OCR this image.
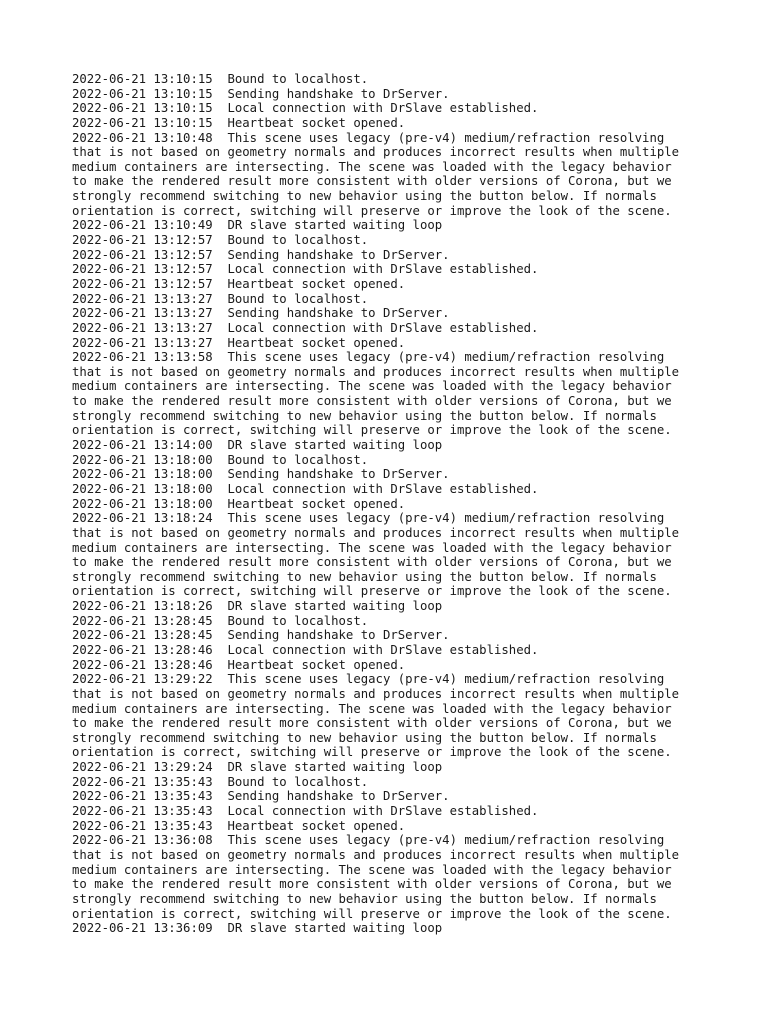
2022-06-21 13:10:15  Bound to localhost.
2022-06-21 13:10:15  Sending handshake to DrServer.
2022-06-21 13:10:15  Local connection with DrSlave established.
2022-06-21 13:10:15  Heartbeat socket opened.
2022-06-21 13:10:48  This scene uses legacy (pre-v4) medium/refraction resolving
that is not based on geometry normals and produces incorrect results when multiple
medium containers are intersecting. The scene was loaded with the legacy behavior
to make the rendered result more consistent with older versions of Corona, but we
strongly recommend switching to new behavior using the button below. If normals
orientation is correct, switching will preserve or improve the look of the scene.
2022-06-21 13:10:49  DR slave started waiting loop
2022-06-21 13:12:57  Bound to localhost.
2022-06-21 13:12:57  Sending handshake to DrServer.
2022-06-21 13:12:57  Local connection with DrSlave established.
2022-06-21 13:12:57  Heartbeat socket opened.
2022-06-21 13:13:27  Bound to localhost.
2022-06-21 13:13:27  Sending handshake to DrServer.
2022-06-21 13:13:27  Local connection with DrSlave established.
2022-06-21 13:13:27  Heartbeat socket opened.
2022-06-21 13:13:58  This scene uses legacy (pre-v4) medium/refraction resolving
that is not based on geometry normals and produces incorrect results when multiple
medium containers are intersecting. The scene was loaded with the legacy behavior
to make the rendered result more consistent with older versions of Corona, but we
strongly recommend switching to new behavior using the button below. If normals
orientation is correct, switching will preserve or improve the look of the scene.
2022-06-21 13:14:00  DR slave started waiting loop
2022-06-21 13:18:00  Bound to localhost.
2022-06-21 13:18:00  Sending handshake to DrServer.
2022-06-21 13:18:00  Local connection with DrSlave established.
2022-06-21 13:18:00  Heartbeat socket opened.
2022-06-21 13:18:24  This scene uses legacy (pre-v4) medium/refraction resolving
that is not based on geometry normals and produces incorrect results when multiple
medium containers are intersecting. The scene was loaded with the legacy behavior
to make the rendered result more consistent with older versions of Corona, but we
strongly recommend switching to new behavior using the button below. If normals
orientation is correct, switching will preserve or improve the look of the scene.
2022-06-21 13:18:26  DR slave started waiting loop
2022-06-21 13:28:45  Bound to localhost.
2022-06-21 13:28:45  Sending handshake to DrServer.
2022-06-21 13:28:46  Local connection with DrSlave established.
2022-06-21 13:28:46  Heartbeat socket opened.
2022-06-21 13:29:22  This scene uses legacy (pre-v4) medium/refraction resolving
that is not based on geometry normals and produces incorrect results when multiple
medium containers are intersecting. The scene was loaded with the legacy behavior
to make the rendered result more consistent with older versions of Corona, but we
strongly recommend switching to new behavior using the button below. If normals
orientation is correct, switching will preserve or improve the look of the scene.
2022-06-21 13:29:24  DR slave started waiting loop
2022-06-21 13:35:43  Bound to localhost.
2022-06-21 13:35:43  Sending handshake to DrServer.
2022-06-21 13:35:43  Local connection with DrSlave established.
2022-06-21 13:35:43  Heartbeat socket opened.
2022-06-21 13:36:08  This scene uses legacy (pre-v4) medium/refraction resolving
that is not based on geometry normals and produces incorrect results when multiple
medium containers are intersecting. The scene was loaded with the legacy behavior
to make the rendered result more consistent with older versions of Corona, but we
strongly recommend switching to new behavior using the button below. If normals
orientation is correct, switching will preserve or improve the look of the scene.
2022-06-21 13:36:09  DR slave started waiting loop
